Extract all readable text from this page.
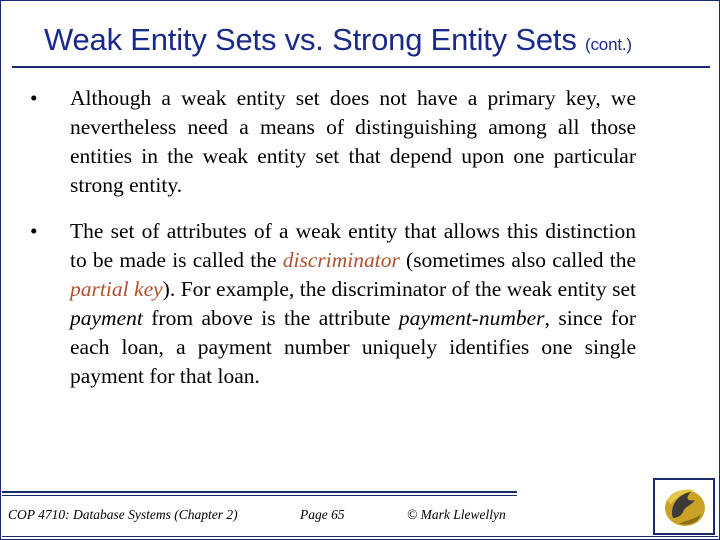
Weak Entity Sets vs. Strong Entity Sets (cont.)
•	Although a weak entity set does not have a primary key, we nevertheless need a means of distinguishing among all those entities in the weak entity set that depend upon one particular strong entity.
•	The set of attributes of a weak entity that allows this distinction to be made is called the discriminator (sometimes also called the partial key). For example, the discriminator of the weak entity set payment from above is the attribute payment-number, since for each loan, a payment number uniquely identifies one single payment for that loan.
COP 4710: Database Systems (Chapter 2)	Page 65	© Mark Llewellyn
